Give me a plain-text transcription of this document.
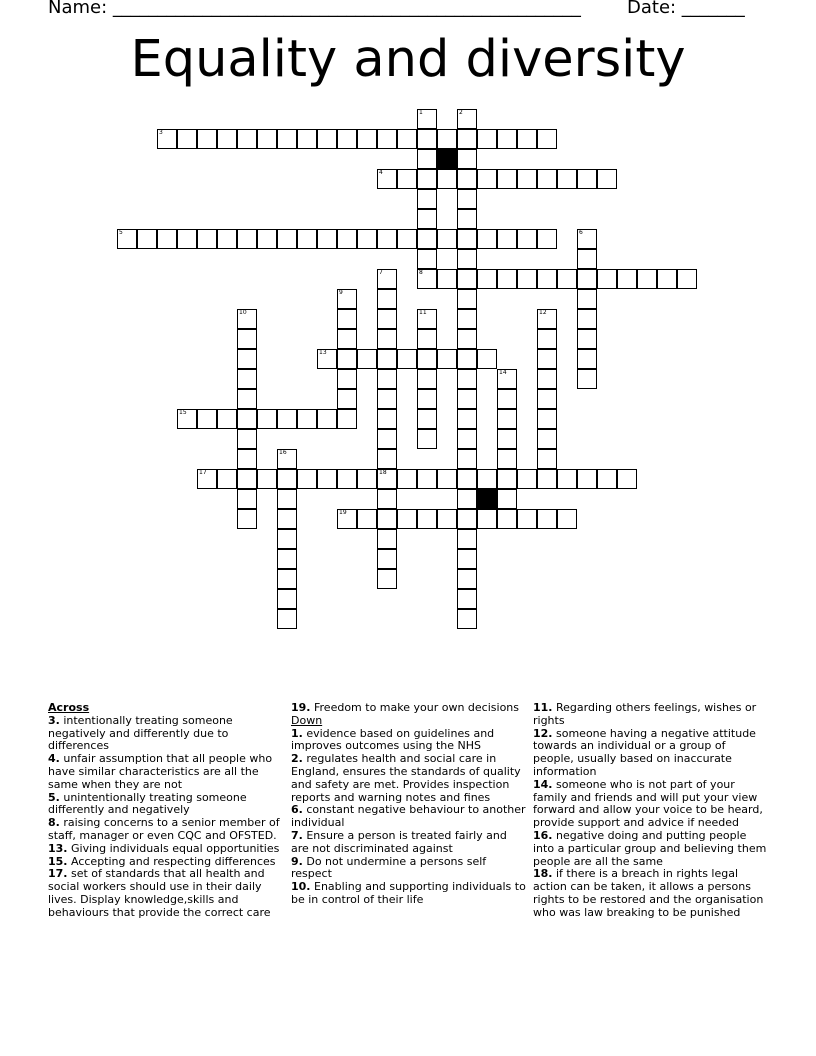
Name: ____________________________________________________	Date: _______
Equality and diversity
3
4
5
8
13
15
17	18
19
1	2
6
7
9
10	11	12
14
16
Across
3. intentionally treating someone negatively and differently due to differences
4. unfair assumption that all people who have similar characteristics are all the same when they are not
5. unintentionally treating someone differently and negatively
8. raising concerns to a senior member of staff, manager or even CQC and OFSTED.
13. Giving individuals equal opportunities
15. Accepting and respecting differences
17. set of standards that all health and social workers should use in their daily lives. Display knowledge,skills and behaviours that provide the correct care
19. Freedom to make your own decisions
Down
1. evidence based on guidelines and improves outcomes using the NHS
2. regulates health and social care in England, ensures the standards of quality and safety are met. Provides inspection reports and warning notes and fines
6. constant negative behaviour to another individual
7. Ensure a person is treated fairly and are not discriminated against
9. Do not undermine a persons self respect
10. Enabling and supporting individuals to be in control of their life
11. Regarding others feelings, wishes or rights
12. someone having a negative attitude towards an individual or a group of people, usually based on inaccurate information
14. someone who is not part of your family and friends and will put your view forward and allow your voice to be heard, provide support and advice if needed
16. negative doing and putting people into a particular group and believing them people are all the same
18. if there is a breach in rights legal action can be taken, it allows a persons rights to be restored and the organisation who was law breaking to be punished
